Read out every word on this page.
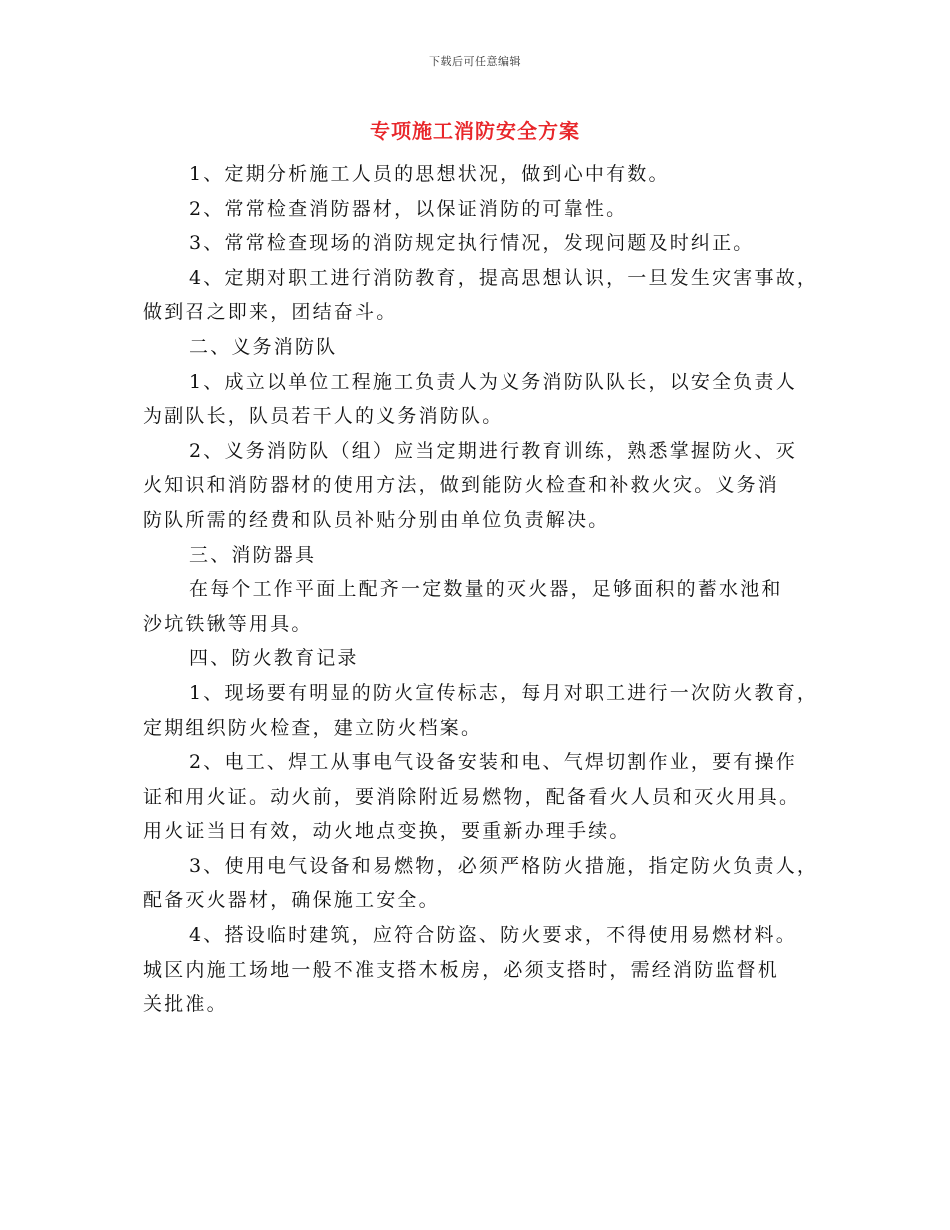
下载后可任意编辑
专项施工消防安全方案
1、定期分析施工人员的思想状况，做到心中有数。
2、常常检查消防器材，以保证消防的可靠性。
3、常常检查现场的消防规定执行情况，发现问题及时纠正。
4、定期对职工进行消防教育，提高思想认识，一旦发生灾害事故，
做到召之即来，团结奋斗。
二、义务消防队
1、成立以单位工程施工负责人为义务消防队队长，以安全负责人
为副队长，队员若干人的义务消防队。
2、义务消防队（组）应当定期进行教育训练，熟悉掌握防火、灭
火知识和消防器材的使用方法，做到能防火检查和补救火灾。义务消
防队所需的经费和队员补贴分别由单位负责解决。
三、消防器具
在每个工作平面上配齐一定数量的灭火器，足够面积的蓄水池和
沙坑铁锹等用具。
四、防火教育记录
1、现场要有明显的防火宣传标志，每月对职工进行一次防火教育，
定期组织防火检查，建立防火档案。
2、电工、焊工从事电气设备安装和电、气焊切割作业，要有操作
证和用火证。动火前，要消除附近易燃物，配备看火人员和灭火用具。
用火证当日有效，动火地点变换，要重新办理手续。
3、使用电气设备和易燃物，必须严格防火措施，指定防火负责人，
配备灭火器材，确保施工安全。
4、搭设临时建筑，应符合防盗、防火要求，不得使用易燃材料。
城区内施工场地一般不准支搭木板房，必须支搭时，需经消防监督机
关批准。
